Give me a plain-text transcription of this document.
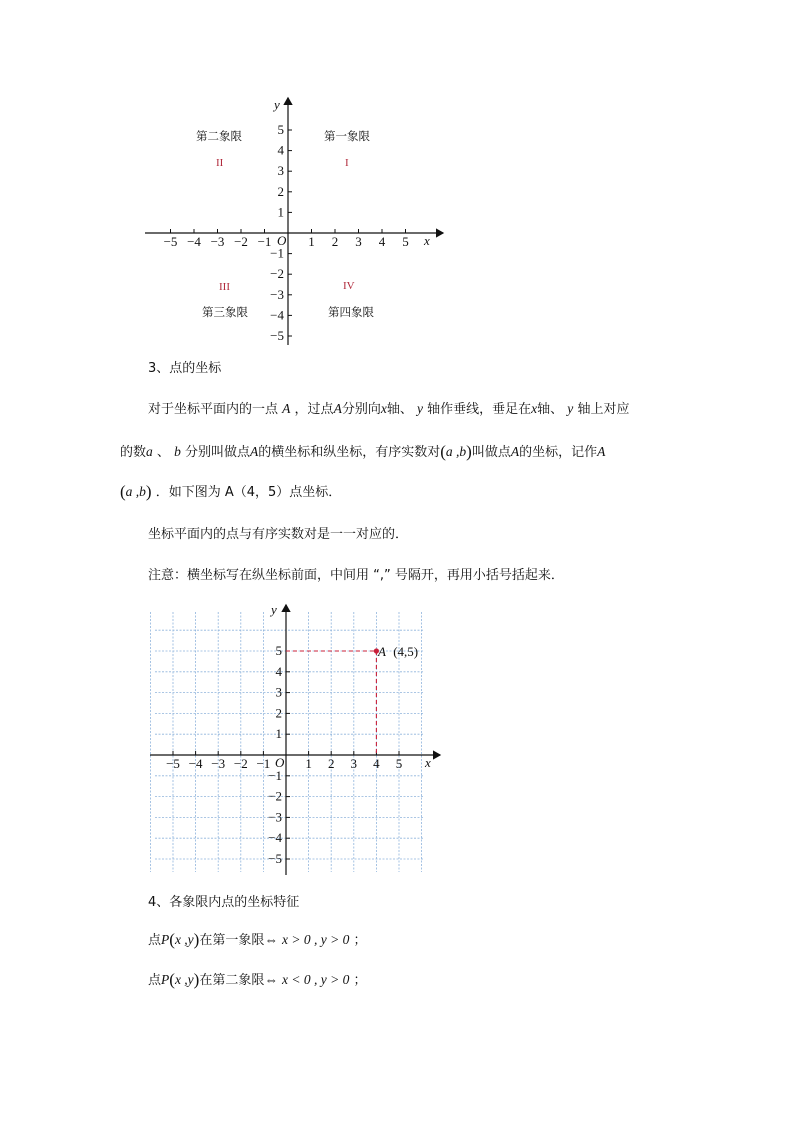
−5 −4 −3 −2 −1	1 2 3 4 5
−5
−4
−3
−2
−1
1
2
3
4
5
x
y
O
第二象限	第一象限
第三象限	第四象限
II	I
III	IV
3、点的坐标
对于坐标平面内的一点 A ，过点A分别向x轴、 y 轴作垂线，垂足在x轴、 y 轴上对应
的数a 、 b 分别叫做点A的横坐标和纵坐标，有序实数对(a ,b)叫做点A的坐标，记作A
(a ,b) ．如下图为 A（4，5）点坐标．
坐标平面内的点与有序实数对是一一对应的．
注意：横坐标写在纵坐标前面，中间用 “,” 号隔开，再用小括号括起来．
−5 −4 −3 −2 −1	1 2 3 4 5
−5
−4
−3
−2
−1
1
2
3
4
5
x
y
O
A (4,5)
4、各象限内点的坐标特征
点P(x ,y)在第一象限⇔ x > 0 , y > 0 ；
点P(x ,y)在第二象限⇔ x < 0 , y > 0 ；
